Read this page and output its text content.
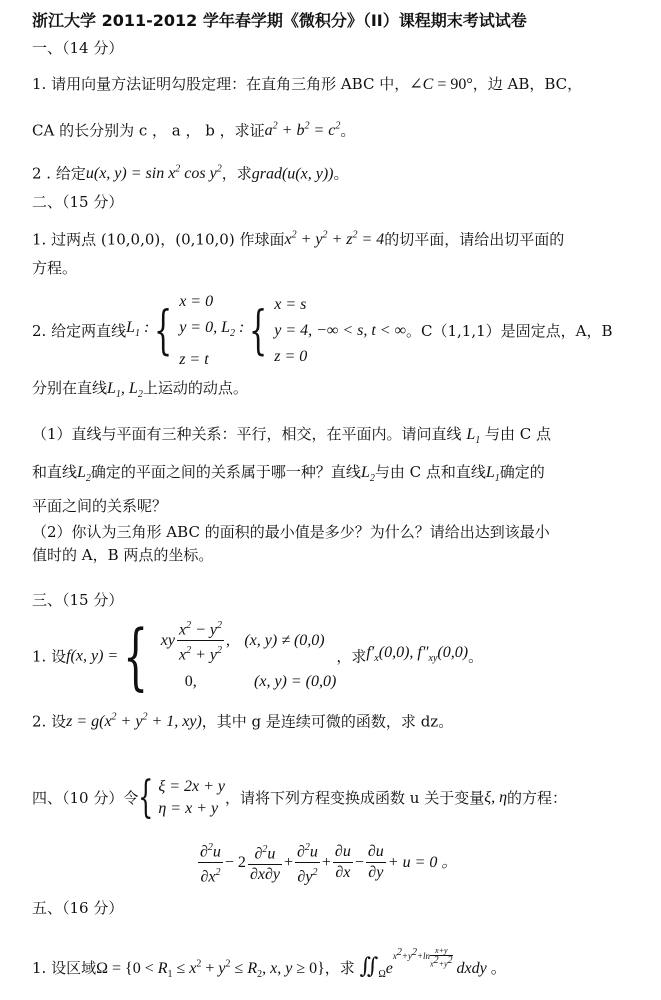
浙江大学 2011-2012 学年春学期《微积分》（II）课程期末考试试卷
一、（14 分）
1. 请用向量方法证明勾股定理：在直角三角形 ABC 中，∠C = 90°，边 AB，BC，
CA 的长分别为 c ， a ， b ，求证$a^2 + b^2 = c^2$。
2 . 给定u(x, $y) = \sin x^2$ $\cos y^2$，求grad(u(x, y))。
二、（15 分）
1. 过两点 (10,0,0)，(0,10,0) 作球面$x^2 + y^2 + z^2 = 4$的切平面，请给出切平面的
方程。
2. 给定两直线$L_1$ : { x = 0
y = 0, $L_2$ :
z = t { x = s
y = 4, −∞ < s, t < ∞
z = 0。C（1,1,1）是固定点，A，B
分别在直线$L_1$, $L_2$上运动的动点。
（1）直线与平面有三种关系：平行，相交，在平面内。请问直线 $L_1$ 与由 C 点
和直线$L_2$确定的平面之间的关系属于哪一种？直线$L_2$与由 C 点和直线$L_1$确定的
平面之间的关系呢？
（2）你认为三角形 ABC 的面积的最小值是多少？为什么？请给出达到该最小
值时的 A，B 两点的坐标。
三、（15 分）
1. 设f(x, y) = { xy $\frac{x^2 - y^2}{x^2 + y^2}$ , (x, y) ≠ (0,0)
0,	(x, y) = (0,0)
，求$f'_x(0,0)$, $f''_{xy}(0,0)$。
2. 设$z = g(x^2 + y^2 + 1$, xy)，其中 g 是连续可微的函数，求 dz。
四、（10 分）令{ ξ = 2x + y
η = x + y，请将下列方程变换成函数 u 关于变量ξ, η的方程：
$\frac{\partial^2u}{\partial x^2} - 2 \frac{\partial^2u}{\partial x\partial y} + \frac{\partial^2u}{\partial y^2} + \frac{\partial u}{\partial x} - \frac{\partial u}{\partial y} + u = 0$ 。
五、（16 分）
1. 设区域$\Omega = \{0 < R_1 \le x^2 + y^2 \le R_2$, x, y ≥ 0}，求 $∬_\Omega e^{x^2+y^2+ln \frac{x+y}{x^2+y^2}}$
dxdy 。
